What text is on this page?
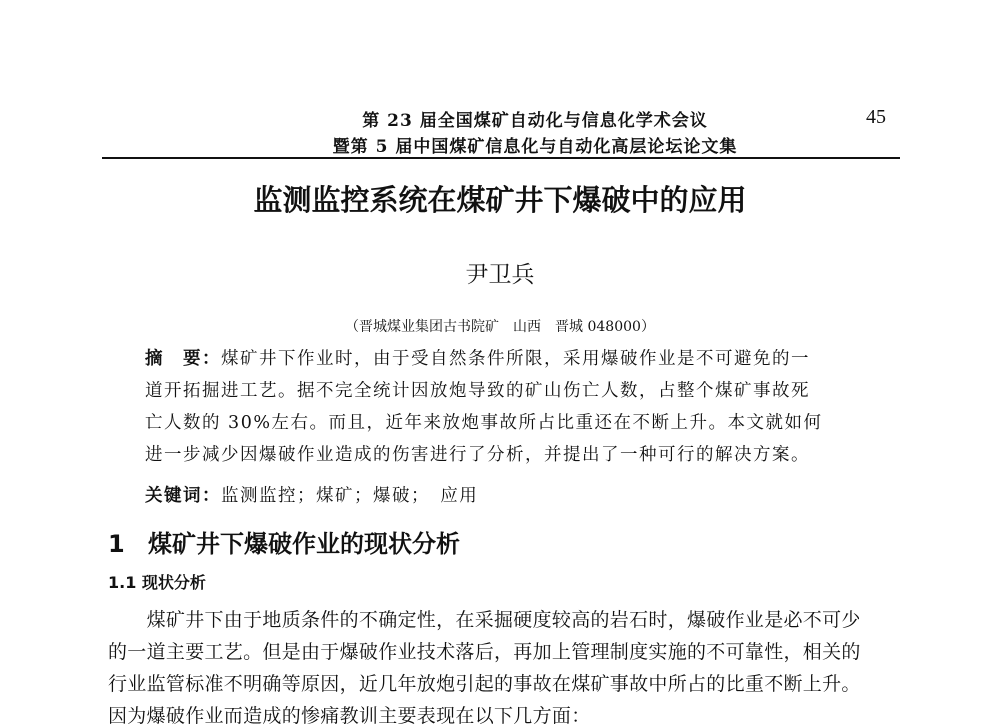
第 23 届全国煤矿自动化与信息化学术会议
暨第 5 届中国煤矿信息化与自动化高层论坛论文集
45
监测监控系统在煤矿井下爆破中的应用
尹卫兵
（晋城煤业集团古书院矿　山西　晋城 048000）
摘　要：煤矿井下作业时，由于受自然条件所限，采用爆破作业是不可避免的一
道开拓掘进工艺。据不完全统计因放炮导致的矿山伤亡人数，占整个煤矿事故死
亡人数的 30%左右。而且，近年来放炮事故所占比重还在不断上升。本文就如何
进一步减少因爆破作业造成的伤害进行了分析，并提出了一种可行的解决方案。
关键词：监测监控；煤矿；爆破；　应用
1 煤矿井下爆破作业的现状分析
1.1 现状分析
　　煤矿井下由于地质条件的不确定性，在采掘硬度较高的岩石时，爆破作业是必不可少
的一道主要工艺。但是由于爆破作业技术落后，再加上管理制度实施的不可靠性，相关的
行业监管标准不明确等原因，近几年放炮引起的事故在煤矿事故中所占的比重不断上升。
因为爆破作业而造成的惨痛教训主要表现在以下几方面：
